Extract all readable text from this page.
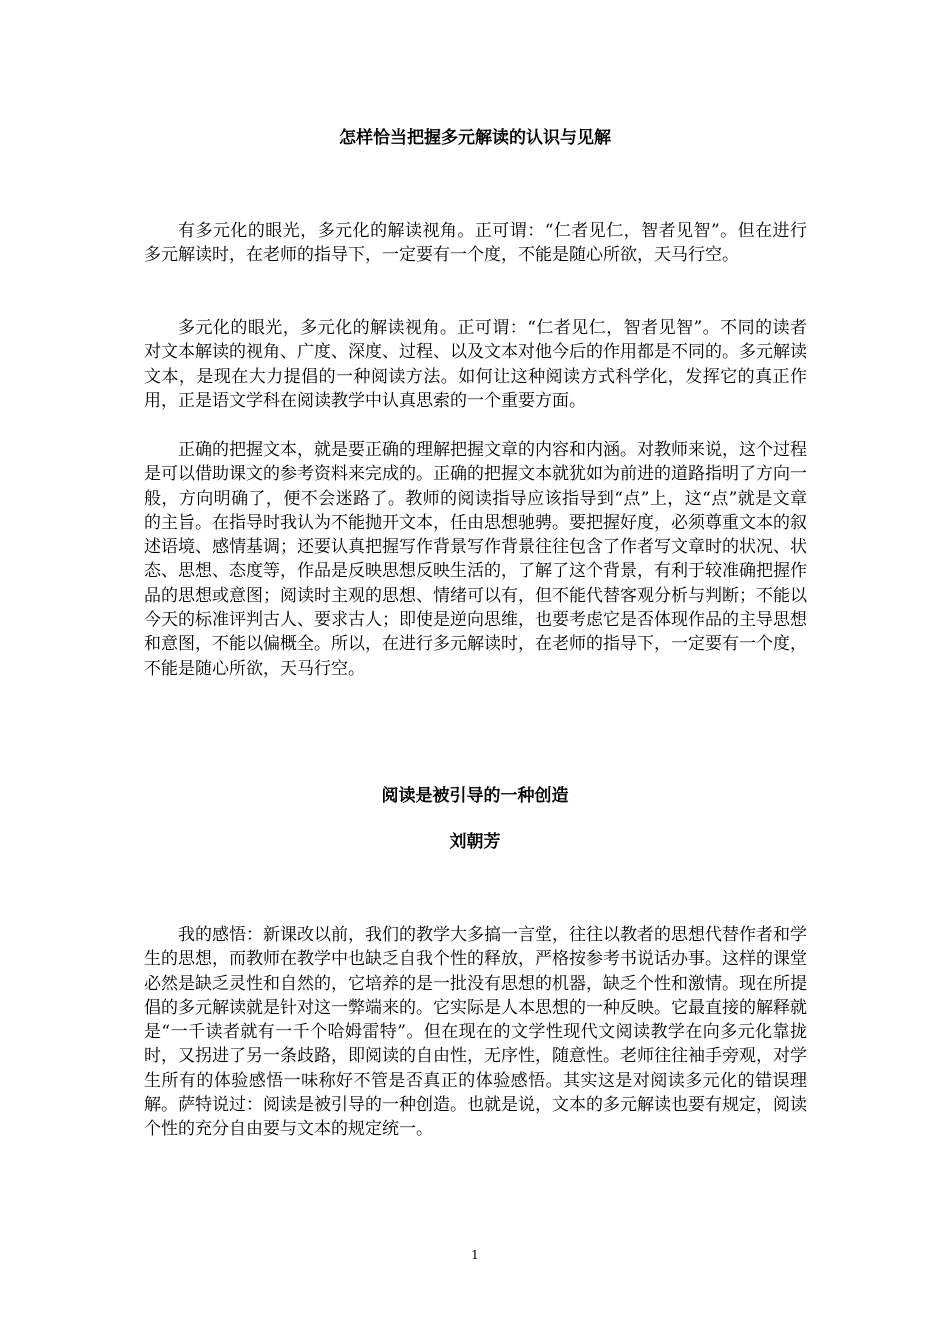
怎样恰当把握多元解读的认识与见解

有多元化的眼光，多元化的解读视角。正可谓：“仁者见仁，智者见智”。但在进行多元解读时，在老师的指导下，一定要有一个度，不能是随心所欲，天马行空。

多元化的眼光，多元化的解读视角。正可谓：“仁者见仁，智者见智”。不同的读者对文本解读的视角、广度、深度、过程、以及文本对他今后的作用都是不同的。多元解读文本，是现在大力提倡的一种阅读方法。如何让这种阅读方式科学化，发挥它的真正作用，正是语文学科在阅读教学中认真思索的一个重要方面。

正确的把握文本，就是要正确的理解把握文章的内容和内涵。对教师来说，这个过程是可以借助课文的参考资料来完成的。正确的把握文本就犹如为前进的道路指明了方向一般，方向明确了，便不会迷路了。教师的阅读指导应该指导到“点”上，这“点”就是文章的主旨。在指导时我认为不能抛开文本，任由思想驰骋。要把握好度，必须尊重文本的叙述语境、感情基调；还要认真把握写作背景写作背景往往包含了作者写文章时的状况、状态、思想、态度等，作品是反映思想反映生活的，了解了这个背景，有利于较准确把握作品的思想或意图；阅读时主观的思想、情绪可以有，但不能代替客观分析与判断；不能以今天的标准评判古人、要求古人；即使是逆向思维，也要考虑它是否体现作品的主导思想和意图，不能以偏概全。所以，在进行多元解读时，在老师的指导下，一定要有一个度，不能是随心所欲，天马行空。

阅读是被引导的一种创造
刘朝芳

我的感悟：新课改以前，我们的教学大多搞一言堂，往往以教者的思想代替作者和学生的思想，而教师在教学中也缺乏自我个性的释放，严格按参考书说话办事。这样的课堂必然是缺乏灵性和自然的，它培养的是一批没有思想的机器，缺乏个性和激情。现在所提倡的多元解读就是针对这一弊端来的。它实际是人本思想的一种反映。它最直接的解释就是“一千读者就有一千个哈姆雷特”。但在现在的文学性现代文阅读教学在向多元化靠拢时，又拐进了另一条歧路，即阅读的自由性，无序性，随意性。老师往往袖手旁观，对学生所有的体验感悟一味称好不管是否真正的体验感悟。其实这是对阅读多元化的错误理解。萨特说过：阅读是被引导的一种创造。也就是说，文本的多元解读也要有规定，阅读个性的充分自由要与文本的规定统一。

1
